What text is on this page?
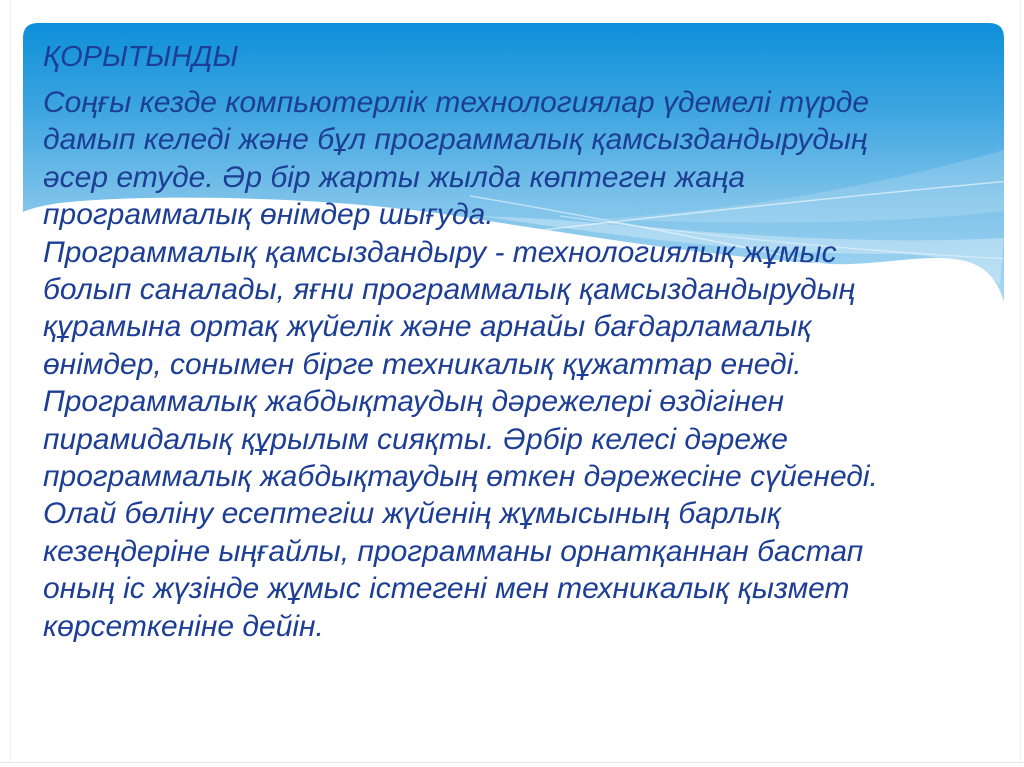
ҚОРЫТЫНДЫ
Соңғы кезде компьютерлік технологиялар үдемелі түрде
дамып келеді және бұл программалық қамсыздандырудың
әсер етуде. Әр бір жарты жылда көптеген жаңа
программалық өнімдер шығуда.
Программалық қамсыздандыру - технологиялық жұмыс
болып саналады, яғни программалық қамсыздандырудың
құрамына ортақ жүйелік және арнайы бағдарламалық
өнімдер, сонымен бірге техникалық құжаттар енеді.
Программалық жабдықтаудың дәрежелері өздігінен
пирамидалық құрылым сияқты. Әрбір келесі дәреже
программалық жабдықтаудың өткен дәрежесіне сүйенеді.
Олай бөліну есептегіш жүйенің жұмысының барлық
кезеңдеріне ыңғайлы, программаны орнатқаннан бастап
оның іс жүзінде жұмыс істегені мен техникалық қызмет
көрсеткеніне дейін.
